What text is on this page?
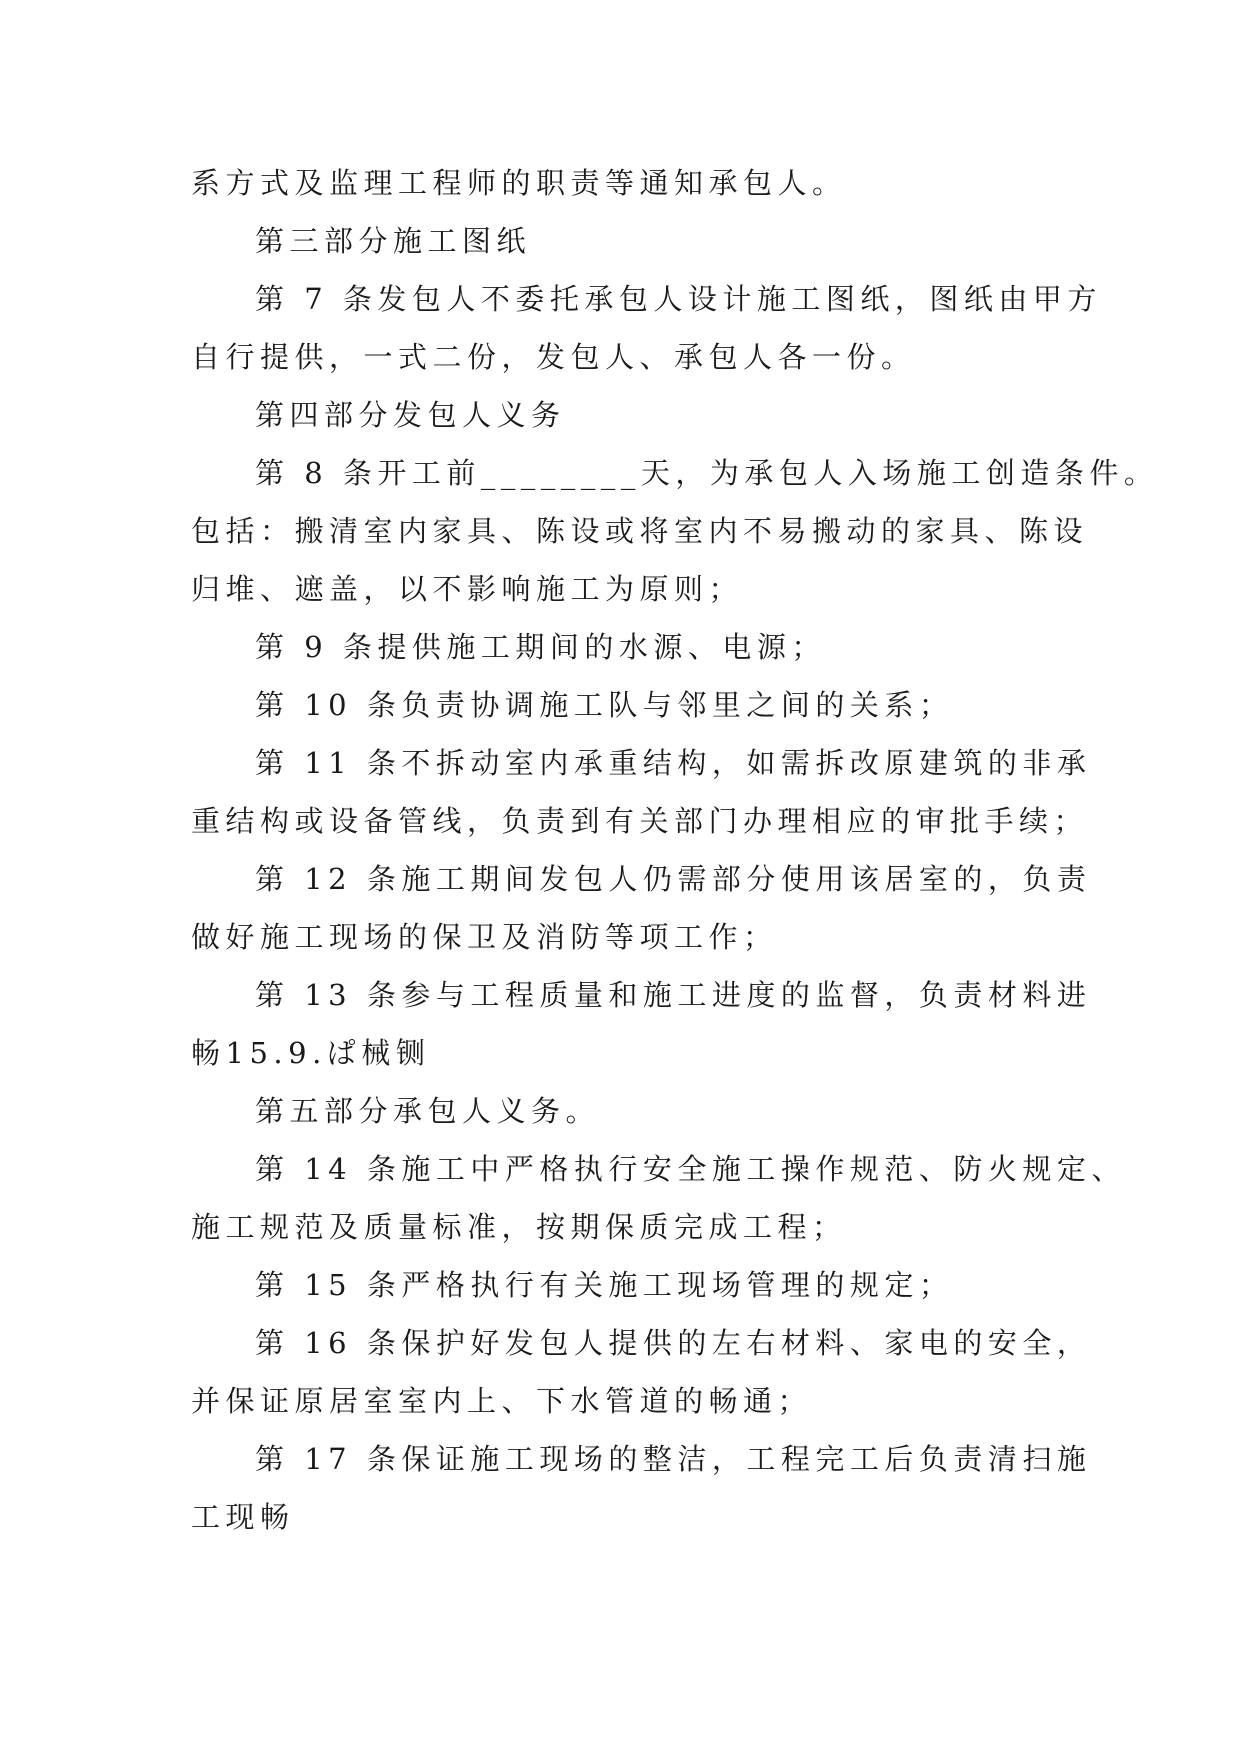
系方式及监理工程师的职责等通知承包人。
第三部分施工图纸
第 7 条发包人不委托承包人设计施工图纸，图纸由甲方
自行提供，一式二份，发包人、承包人各一份。
第四部分发包人义务
第 8 条开工前________天，为承包人入场施工创造条件。
包括：搬清室内家具、陈设或将室内不易搬动的家具、陈设
归堆、遮盖，以不影响施工为原则；
第 9 条提供施工期间的水源、电源；
第 10 条负责协调施工队与邻里之间的关系；
第 11 条不拆动室内承重结构，如需拆改原建筑的非承
重结构或设备管线，负责到有关部门办理相应的审批手续；
第 12 条施工期间发包人仍需部分使用该居室的，负责
做好施工现场的保卫及消防等项工作；
第 13 条参与工程质量和施工进度的监督，负责材料进
畅15.9.ぱ械铡
第五部分承包人义务。
第 14 条施工中严格执行安全施工操作规范、防火规定、
施工规范及质量标准，按期保质完成工程；
第 15 条严格执行有关施工现场管理的规定；
第 16 条保护好发包人提供的左右材料、家电的安全，
并保证原居室室内上、下水管道的畅通；
第 17 条保证施工现场的整洁，工程完工后负责清扫施
工现畅
